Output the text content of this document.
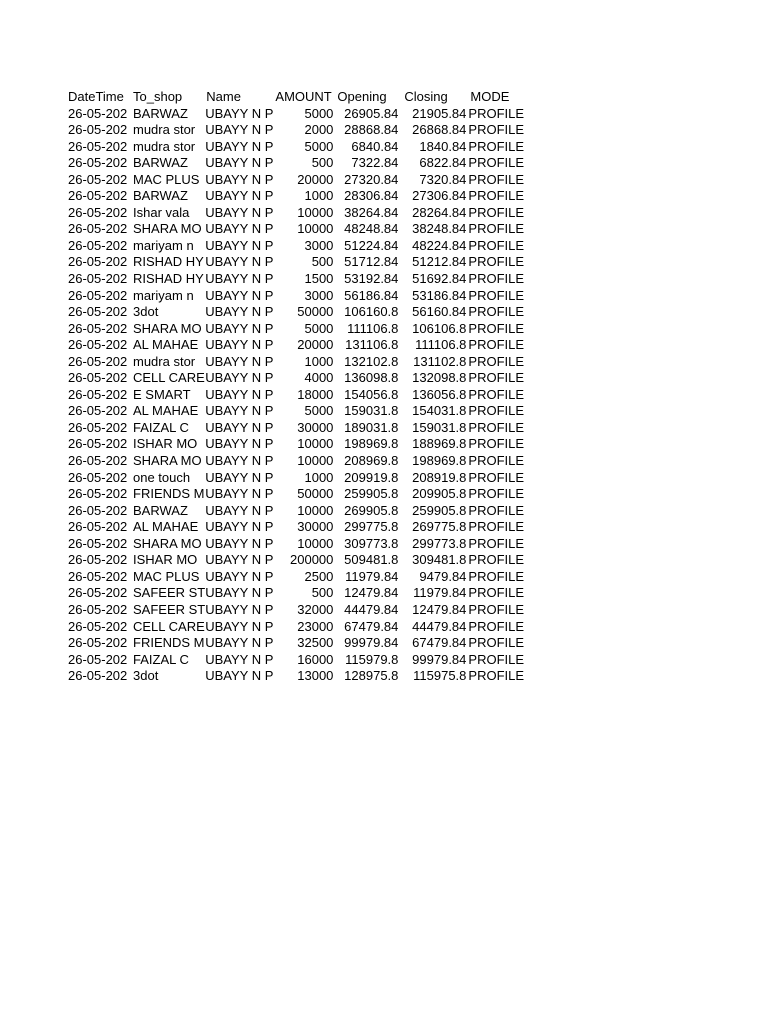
DateTime	To_shop	Name	AMOUNT	Opening	Closing	MODE
26-05-202	BARWAZ	UBAYY N P	5000	26905.84	21905.84	PROFILE
26-05-202	mudra stor	UBAYY N P	2000	28868.84	26868.84	PROFILE
26-05-202	mudra stor	UBAYY N P	5000	6840.84	1840.84	PROFILE
26-05-202	BARWAZ	UBAYY N P	500	7322.84	6822.84	PROFILE
26-05-202	MAC PLUS	UBAYY N P	20000	27320.84	7320.84	PROFILE
26-05-202	BARWAZ	UBAYY N P	1000	28306.84	27306.84	PROFILE
26-05-202	Ishar vala	UBAYY N P	10000	38264.84	28264.84	PROFILE
26-05-202	SHARA MO	UBAYY N P	10000	48248.84	38248.84	PROFILE
26-05-202	mariyam n	UBAYY N P	3000	51224.84	48224.84	PROFILE
26-05-202	RISHAD HY	UBAYY N P	500	51712.84	51212.84	PROFILE
26-05-202	RISHAD HY	UBAYY N P	1500	53192.84	51692.84	PROFILE
26-05-202	mariyam n	UBAYY N P	3000	56186.84	53186.84	PROFILE
26-05-202	3dot	UBAYY N P	50000	106160.8	56160.84	PROFILE
26-05-202	SHARA MO	UBAYY N P	5000	111106.8	106106.8	PROFILE
26-05-202	AL MAHAE	UBAYY N P	20000	131106.8	111106.8	PROFILE
26-05-202	mudra stor	UBAYY N P	1000	132102.8	131102.8	PROFILE
26-05-202	CELL CARE	UBAYY N P	4000	136098.8	132098.8	PROFILE
26-05-202	E SMART	UBAYY N P	18000	154056.8	136056.8	PROFILE
26-05-202	AL MAHAE	UBAYY N P	5000	159031.8	154031.8	PROFILE
26-05-202	FAIZAL C	UBAYY N P	30000	189031.8	159031.8	PROFILE
26-05-202	ISHAR MO	UBAYY N P	10000	198969.8	188969.8	PROFILE
26-05-202	SHARA MO	UBAYY N P	10000	208969.8	198969.8	PROFILE
26-05-202	one touch	UBAYY N P	1000	209919.8	208919.8	PROFILE
26-05-202	FRIENDS M	UBAYY N P	50000	259905.8	209905.8	PROFILE
26-05-202	BARWAZ	UBAYY N P	10000	269905.8	259905.8	PROFILE
26-05-202	AL MAHAE	UBAYY N P	30000	299775.8	269775.8	PROFILE
26-05-202	SHARA MO	UBAYY N P	10000	309773.8	299773.8	PROFILE
26-05-202	ISHAR MO	UBAYY N P	200000	509481.8	309481.8	PROFILE
26-05-202	MAC PLUS	UBAYY N P	2500	11979.84	9479.84	PROFILE
26-05-202	SAFEER ST	UBAYY N P	500	12479.84	11979.84	PROFILE
26-05-202	SAFEER ST	UBAYY N P	32000	44479.84	12479.84	PROFILE
26-05-202	CELL CARE	UBAYY N P	23000	67479.84	44479.84	PROFILE
26-05-202	FRIENDS M	UBAYY N P	32500	99979.84	67479.84	PROFILE
26-05-202	FAIZAL C	UBAYY N P	16000	115979.8	99979.84	PROFILE
26-05-202	3dot	UBAYY N P	13000	128975.8	115975.8	PROFILE
